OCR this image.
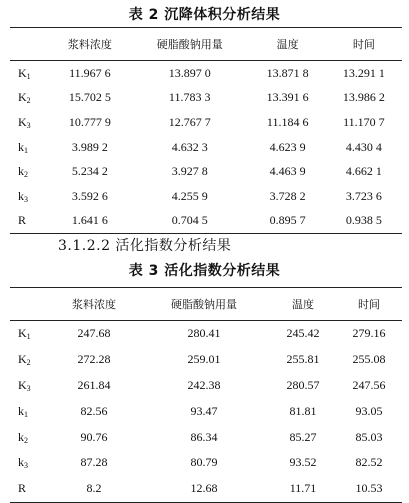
表 2 沉降体积分析结果
	浆料浓度	硬脂酸钠用量	温度	时间
$K_1$	11.967 6	13.897 0	13.871 8	13.291 1
$K_2$	15.702 5	11.783 3	13.391 6	13.986 2
$K_3$	10.777 9	12.767 7	11.184 6	11.170 7
$k_1$	3.989 2	4.632 3	4.623 9	4.430 4
$k_2$	5.234 2	3.927 8	4.463 9	4.662 1
$k_3$	3.592 6	4.255 9	3.728 2	3.723 6
R	1.641 6	0.704 5	0.895 7	0.938 5
3.1.2.2 活化指数分析结果
表 3 活化指数分析结果
	浆料浓度	硬脂酸钠用量	温度	时间
$K_1$	247.68	280.41	245.42	279.16
$K_2$	272.28	259.01	255.81	255.08
$K_3$	261.84	242.38	280.57	247.56
$k_1$	82.56	93.47	81.81	93.05
$k_2$	90.76	86.34	85.27	85.03
$k_3$	87.28	80.79	93.52	82.52
R	8.2	12.68	11.71	10.53
